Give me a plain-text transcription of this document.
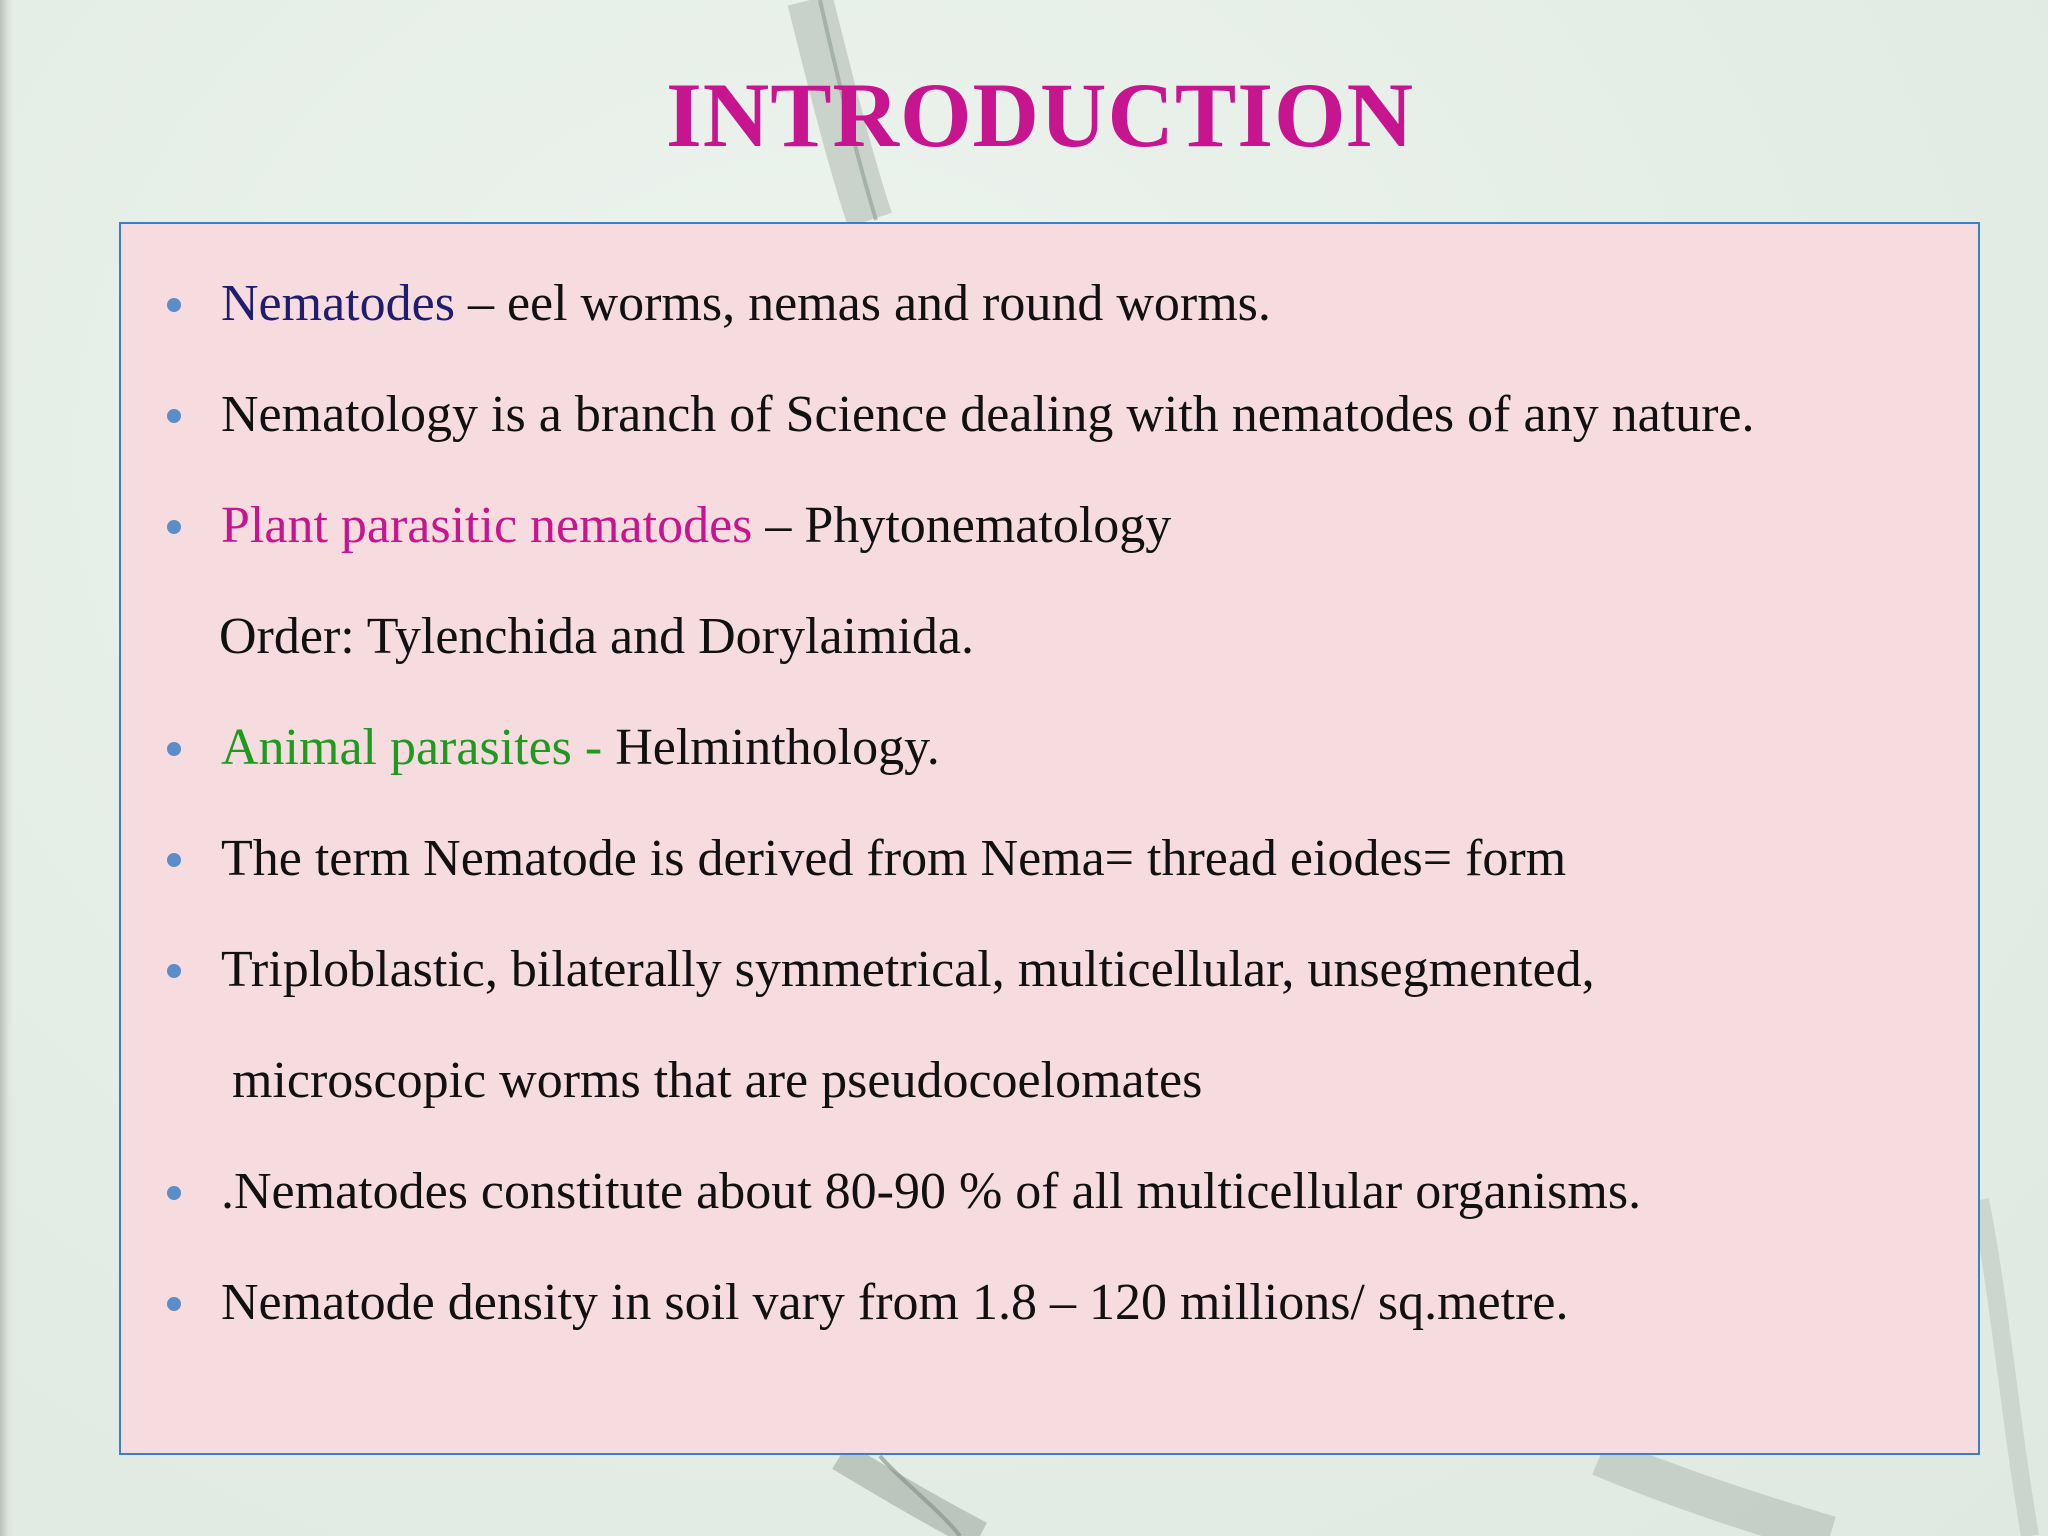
INTRODUCTION
Nematodes – eel worms, nemas and round worms.
Nematology is a branch of Science dealing with nematodes of any nature.
Plant parasitic nematodes – Phytonematology
Order: Tylenchida and Dorylaimida.
Animal parasites - Helminthology.
The term Nematode is derived from Nema= thread eiodes= form
Triploblastic, bilaterally symmetrical, multicellular, unsegmented,
microscopic worms that are pseudocoelomates
.Nematodes constitute about 80-90 % of all multicellular organisms.
Nematode density in soil vary from 1.8 – 120 millions/ sq.metre.
